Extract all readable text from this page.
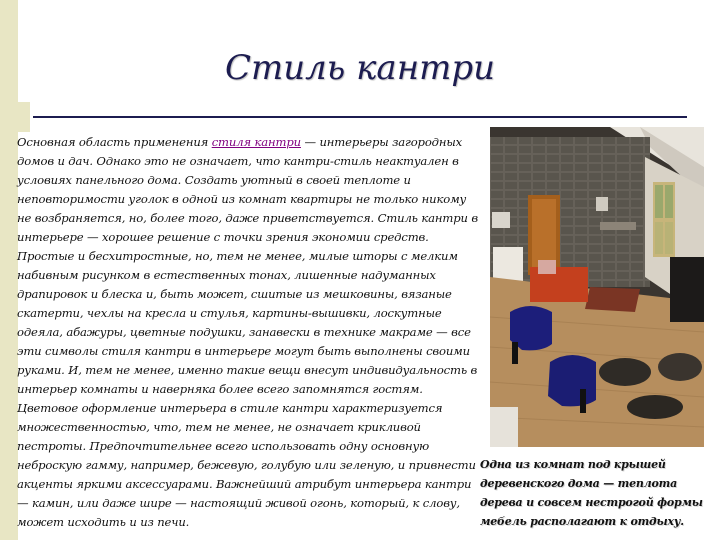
Стиль кантри
Основная область применения стиля кантри — интерьеры загородных домов и дач. Однако это не означает, что кантри-стиль неактуален в условиях панельного дома. Создать уютный в своей теплоте и неповторимости уголок в одной из комнат квартиры не только никому не возбраняется, но, более того, даже приветствуется. Стиль кантри в интерьере — хорошее решение с точки зрения экономии средств. Простые и бесхитростные, но, тем не менее, милые шторы с мелким набивным рисунком в естественных тонах, лишенные надуманных драпировок и блеска и, быть может, сшитые из мешковины, вязаные скатерти, чехлы на кресла и стулья, картины-вышивки, лоскутные одеяла, абажуры, цветные подушки, занавески в технике макраме — все эти символы стиля кантри в интерьере могут быть выполнены своими руками. И, тем не менее, именно такие вещи внесут индивидуальность в интерьер комнаты и наверняка более всего запомнятся гостям. Цветовое оформление интерьера в стиле кантри характеризуется множественностью, что, тем не менее, не означает крикливой пестроты. Предпочтительнее всего использовать одну основную неброскую гамму, например, бежевую, голубую или зеленую, и привнести акценты яркими аксессуарами. Важнейший атрибут интерьера кантри — камин, или даже шире — настоящий живой огонь, который, к слову, может исходить и из печи.
Одна из комнат под крышей деревенского дома — теплота дерева и совсем нестрогой формы мебель располагают к отдыху.
